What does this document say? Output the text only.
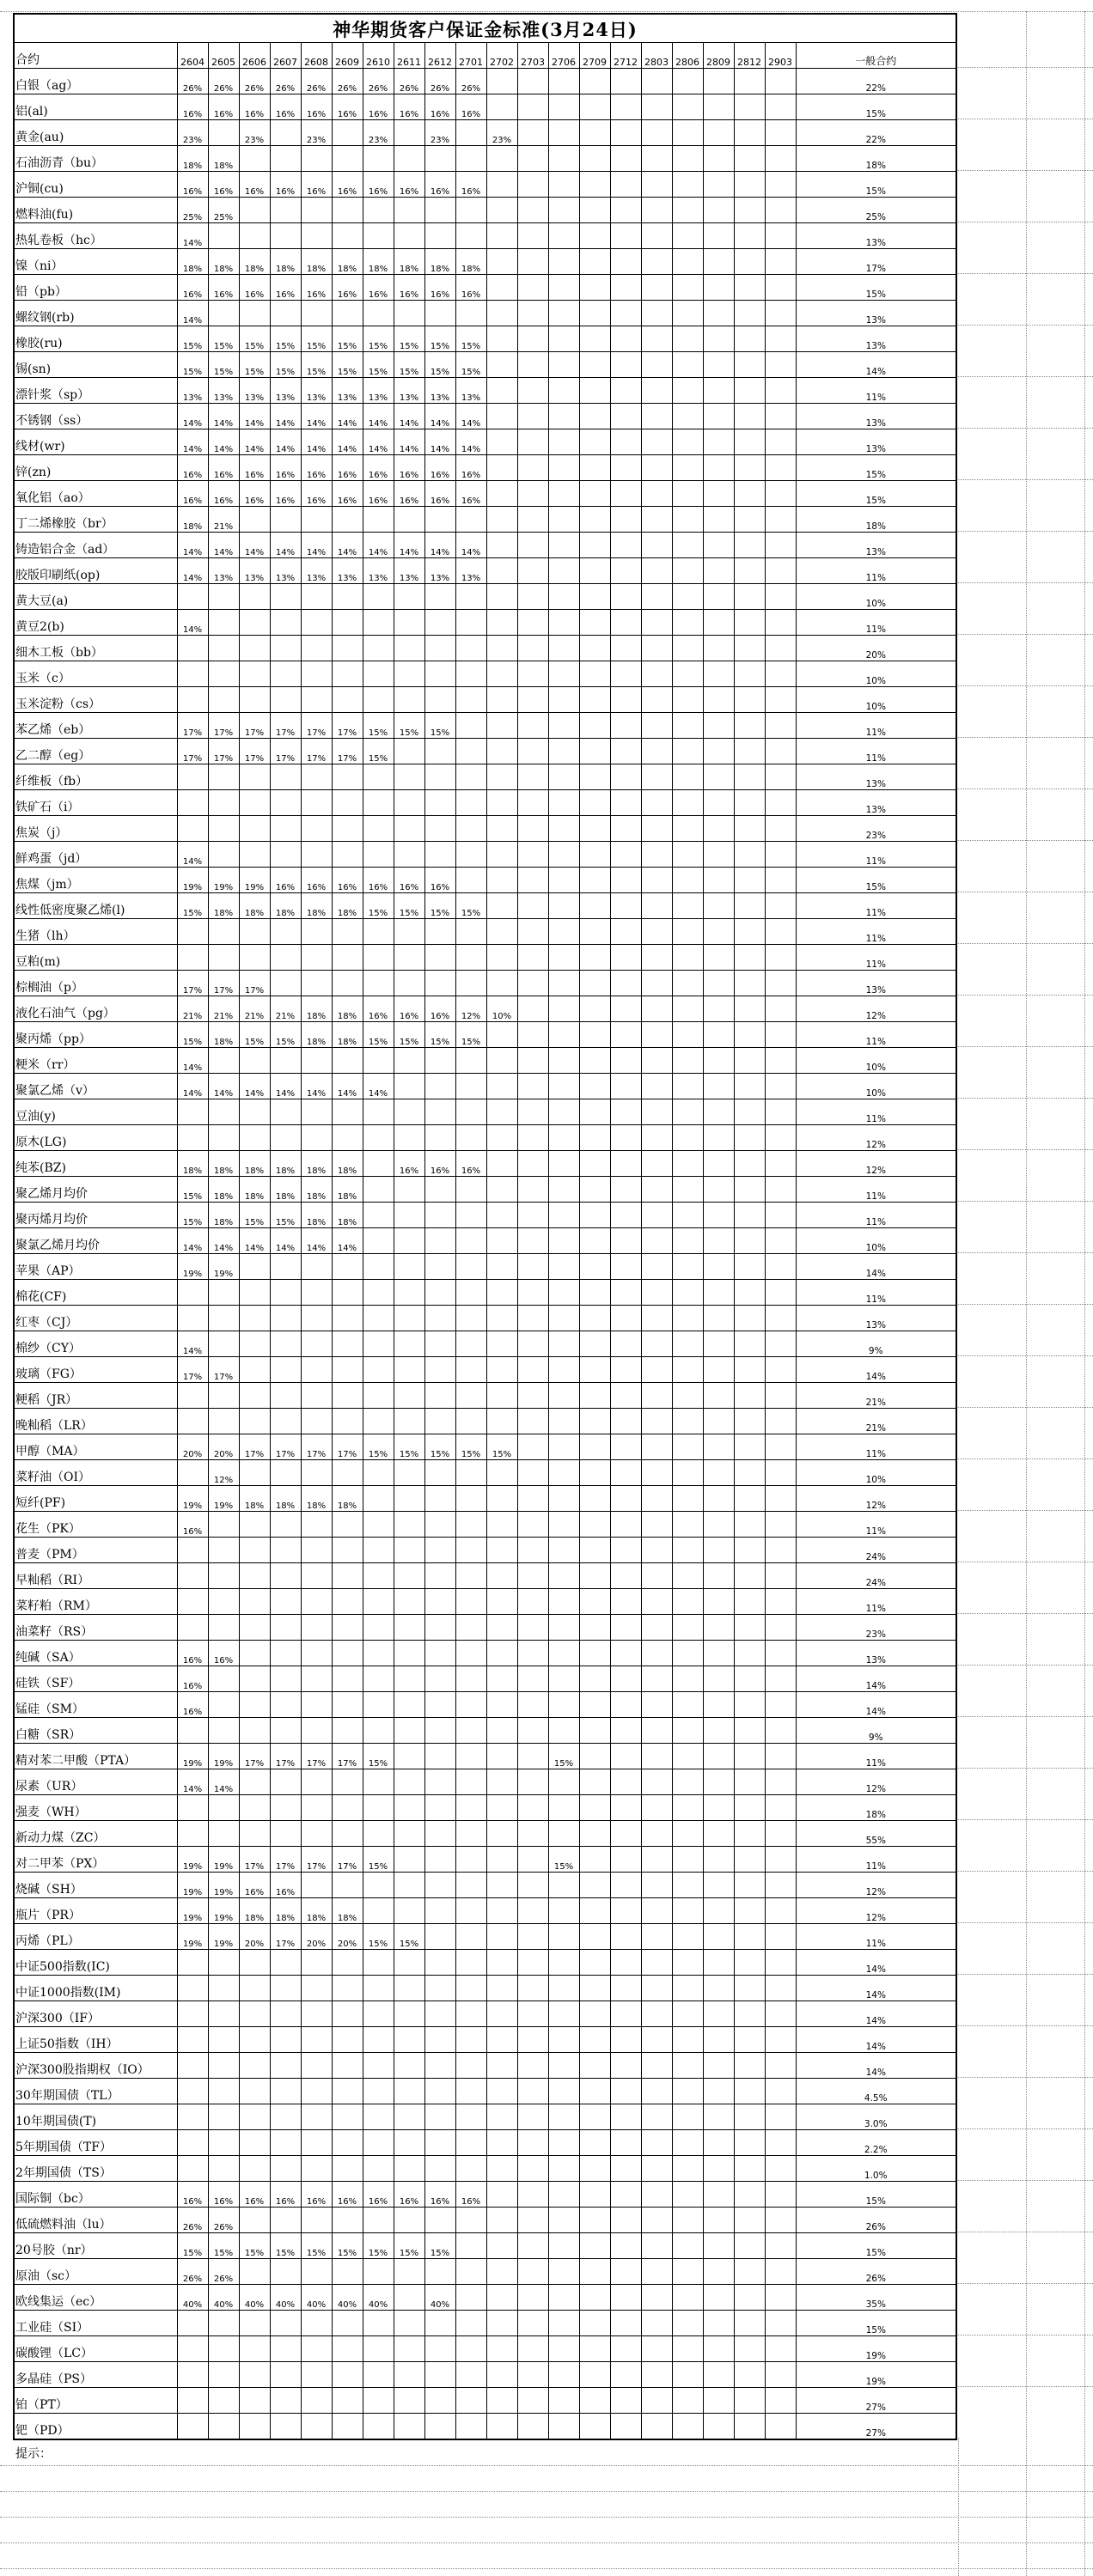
神华期货客户保证金标准(3月24日)																					
合约	2604	2605	2606	2607	2608	2609	2610	2611	2612	2701	2702	2703	2706	2709	2712	2803	2806	2809	2812	2903	一般合约
白银（ag）	26%	26%	26%	26%	26%	26%	26%	26%	26%	26%											22%
铝(al)	16%	16%	16%	16%	16%	16%	16%	16%	16%	16%											15%
黄金(au)	23%		23%		23%		23%		23%		23%										22%
石油沥青（bu）	18%	18%																			18%
沪铜(cu)	16%	16%	16%	16%	16%	16%	16%	16%	16%	16%											15%
燃料油(fu)	25%	25%																			25%
热轧卷板（hc）	14%																				13%
镍（ni）	18%	18%	18%	18%	18%	18%	18%	18%	18%	18%											17%
铅（pb）	16%	16%	16%	16%	16%	16%	16%	16%	16%	16%											15%
螺纹钢(rb)	14%																				13%
橡胶(ru)	15%	15%	15%	15%	15%	15%	15%	15%	15%	15%											13%
锡(sn)	15%	15%	15%	15%	15%	15%	15%	15%	15%	15%											14%
漂针浆（sp）	13%	13%	13%	13%	13%	13%	13%	13%	13%	13%											11%
不锈钢（ss）	14%	14%	14%	14%	14%	14%	14%	14%	14%	14%											13%
线材(wr)	14%	14%	14%	14%	14%	14%	14%	14%	14%	14%											13%
锌(zn)	16%	16%	16%	16%	16%	16%	16%	16%	16%	16%											15%
氧化铝（ao）	16%	16%	16%	16%	16%	16%	16%	16%	16%	16%											15%
丁二烯橡胶（br）	18%	21%																			18%
铸造铝合金（ad）	14%	14%	14%	14%	14%	14%	14%	14%	14%	14%											13%
胶版印刷纸(op)	14%	13%	13%	13%	13%	13%	13%	13%	13%	13%											11%
黄大豆(a)																					10%
黄豆2(b)	14%																				11%
细木工板（bb）																					20%
玉米（c）																					10%
玉米淀粉（cs）																					10%
苯乙烯（eb）	17%	17%	17%	17%	17%	17%	15%	15%	15%												11%
乙二醇（eg）	17%	17%	17%	17%	17%	17%	15%														11%
纤维板（fb）																					13%
铁矿石（i）																					13%
焦炭（j）																					23%
鲜鸡蛋（jd）	14%																				11%
焦煤（jm）	19%	19%	19%	16%	16%	16%	16%	16%	16%												15%
线性低密度聚乙烯(l)	15%	18%	18%	18%	18%	18%	15%	15%	15%	15%											11%
生猪（lh）																					11%
豆粕(m)																					11%
棕榈油（p）	17%	17%	17%																		13%
液化石油气（pg）	21%	21%	21%	21%	18%	18%	16%	16%	16%	12%	10%										12%
聚丙烯（pp）	15%	18%	15%	15%	18%	18%	15%	15%	15%	15%											11%
粳米（rr）	14%																				10%
聚氯乙烯（v）	14%	14%	14%	14%	14%	14%	14%														10%
豆油(y)																					11%
原木(LG)																					12%
纯苯(BZ)	18%	18%	18%	18%	18%	18%		16%	16%	16%											12%
聚乙烯月均价	15%	18%	18%	18%	18%	18%															11%
聚丙烯月均价	15%	18%	15%	15%	18%	18%															11%
聚氯乙烯月均价	14%	14%	14%	14%	14%	14%															10%
苹果（AP）	19%	19%																			14%
棉花(CF)																					11%
红枣（CJ）																					13%
棉纱（CY）	14%																				9%
玻璃（FG）	17%	17%																			14%
粳稻（JR）																					21%
晚籼稻（LR）																					21%
甲醇（MA）	20%	20%	17%	17%	17%	17%	15%	15%	15%	15%	15%										11%
菜籽油（OI）		12%																			10%
短纤(PF)	19%	19%	18%	18%	18%	18%															12%
花生（PK）	16%																				11%
普麦（PM）																					24%
早籼稻（RI）																					24%
菜籽粕（RM）																					11%
油菜籽（RS）																					23%
纯碱（SA）	16%	16%																			13%
硅铁（SF）	16%																				14%
锰硅（SM）	16%																				14%
白糖（SR）																					9%
精对苯二甲酸（PTA）	19%	19%	17%	17%	17%	17%	15%						15%								11%
尿素（UR）	14%	14%																			12%
强麦（WH）																					18%
新动力煤（ZC）																					55%
对二甲苯（PX）	19%	19%	17%	17%	17%	17%	15%						15%								11%
烧碱（SH）	19%	19%	16%	16%																	12%
瓶片（PR）	19%	19%	18%	18%	18%	18%															12%
丙烯（PL）	19%	19%	20%	17%	20%	20%	15%	15%													11%
中证500指数(IC)																					14%
中证1000指数(IM)																					14%
沪深300（IF）																					14%
上证50指数（IH）																					14%
沪深300股指期权（IO）																					14%
30年期国债（TL）																					4.5%
10年期国债(T)																					3.0%
5年期国债（TF）																					2.2%
2年期国债（TS）																					1.0%
国际铜（bc）	16%	16%	16%	16%	16%	16%	16%	16%	16%	16%											15%
低硫燃料油（lu）	26%	26%																			26%
20号胶（nr）	15%	15%	15%	15%	15%	15%	15%	15%	15%												15%
原油（sc）	26%	26%																			26%
欧线集运（ec）	40%	40%	40%	40%	40%	40%	40%		40%												35%
工业硅（SI）																					15%
碳酸锂（LC）																					19%
多晶硅（PS）																					19%
铂（PT）																					27%
钯（PD）																					27%
提示：
